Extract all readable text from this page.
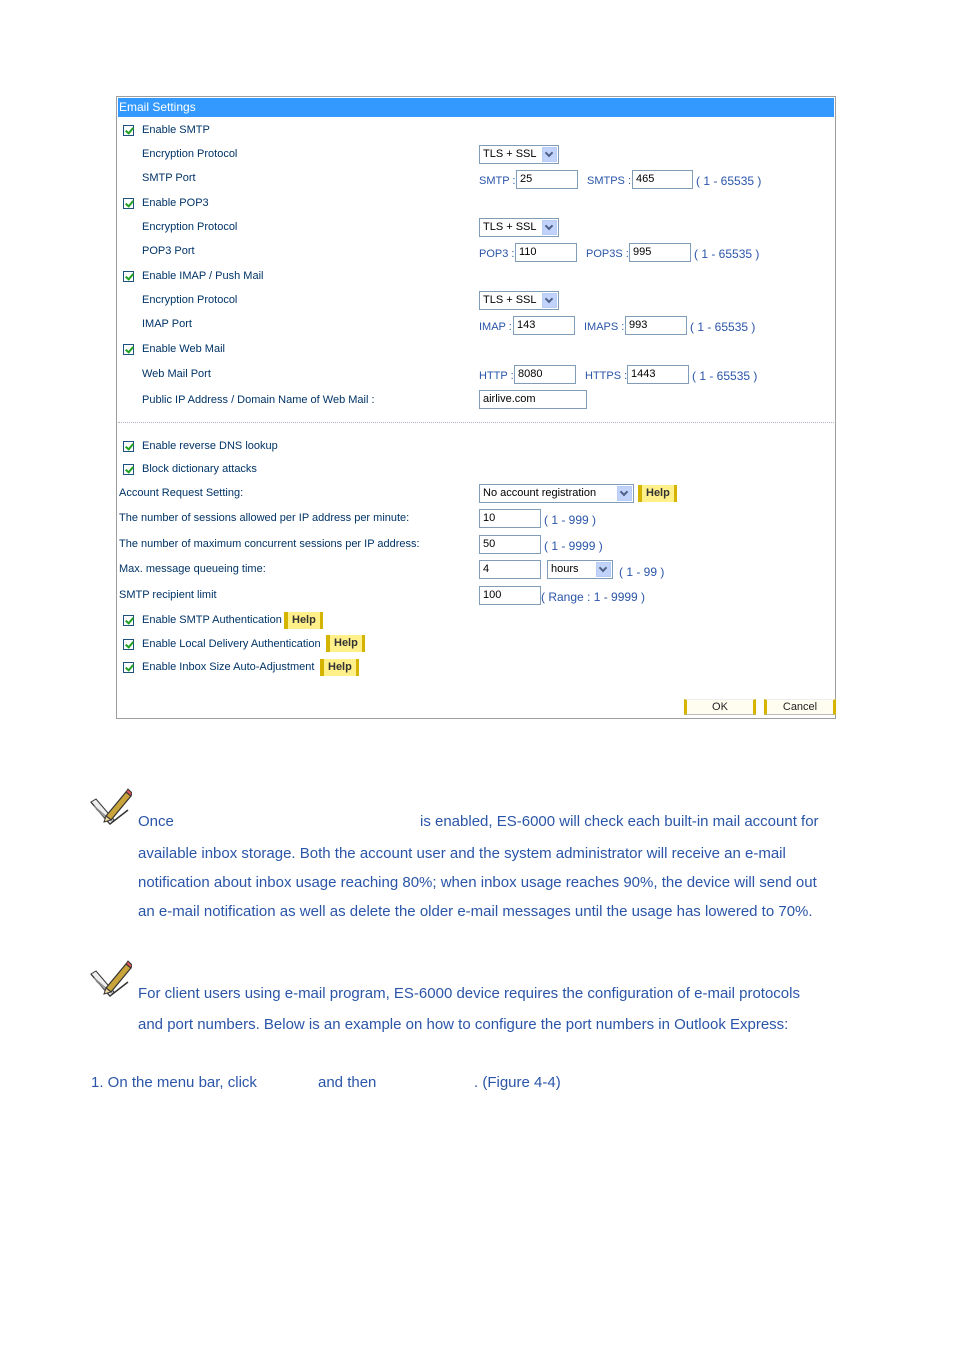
Email Settings
Enable SMTP
Encryption Protocol	TLS + SSL
SMTP Port	SMTP : 25	SMTPS : 465	( 1 - 65535 )
Enable POP3
Encryption Protocol	TLS + SSL
POP3 Port	POP3 : 110	POP3S : 995	( 1 - 65535 )
Enable IMAP / Push Mail
Encryption Protocol	TLS + SSL
IMAP Port	IMAP : 143	IMAPS : 993	( 1 - 65535 )
Enable Web Mail
Web Mail Port	HTTP : 8080	HTTPS : 1443	( 1 - 65535 )
Public IP Address / Domain Name of Web Mail :	airlive.com
Enable reverse DNS lookup
Block dictionary attacks
Account Request Setting:	No account registration	Help
The number of sessions allowed per IP address per minute:	10	( 1 - 999 )
The number of maximum concurrent sessions per IP address:	50	( 1 - 9999 )
Max. message queueing time:	4	hours	( 1 - 99 )
SMTP recipient limit	100	( Range : 1 - 9999 )
Enable SMTP Authentication Help
Enable Local Delivery Authentication	Help
Enable Inbox Size Auto-Adjustment	Help
OK	Cancel
Once	is enabled, ES-6000 will check each built-in mail account for
available inbox storage. Both the account user and the system administrator will receive an e-mail
notification about inbox usage reaching 80%; when inbox usage reaches 90%, the device will send out
an e-mail notification as well as delete the older e-mail messages until the usage has lowered to 70%.
For client users using e-mail program, ES-6000 device requires the configuration of e-mail protocols
and port numbers. Below is an example on how to configure the port numbers in Outlook Express:
1. On the menu bar, click	and then	. (Figure 4-4)
